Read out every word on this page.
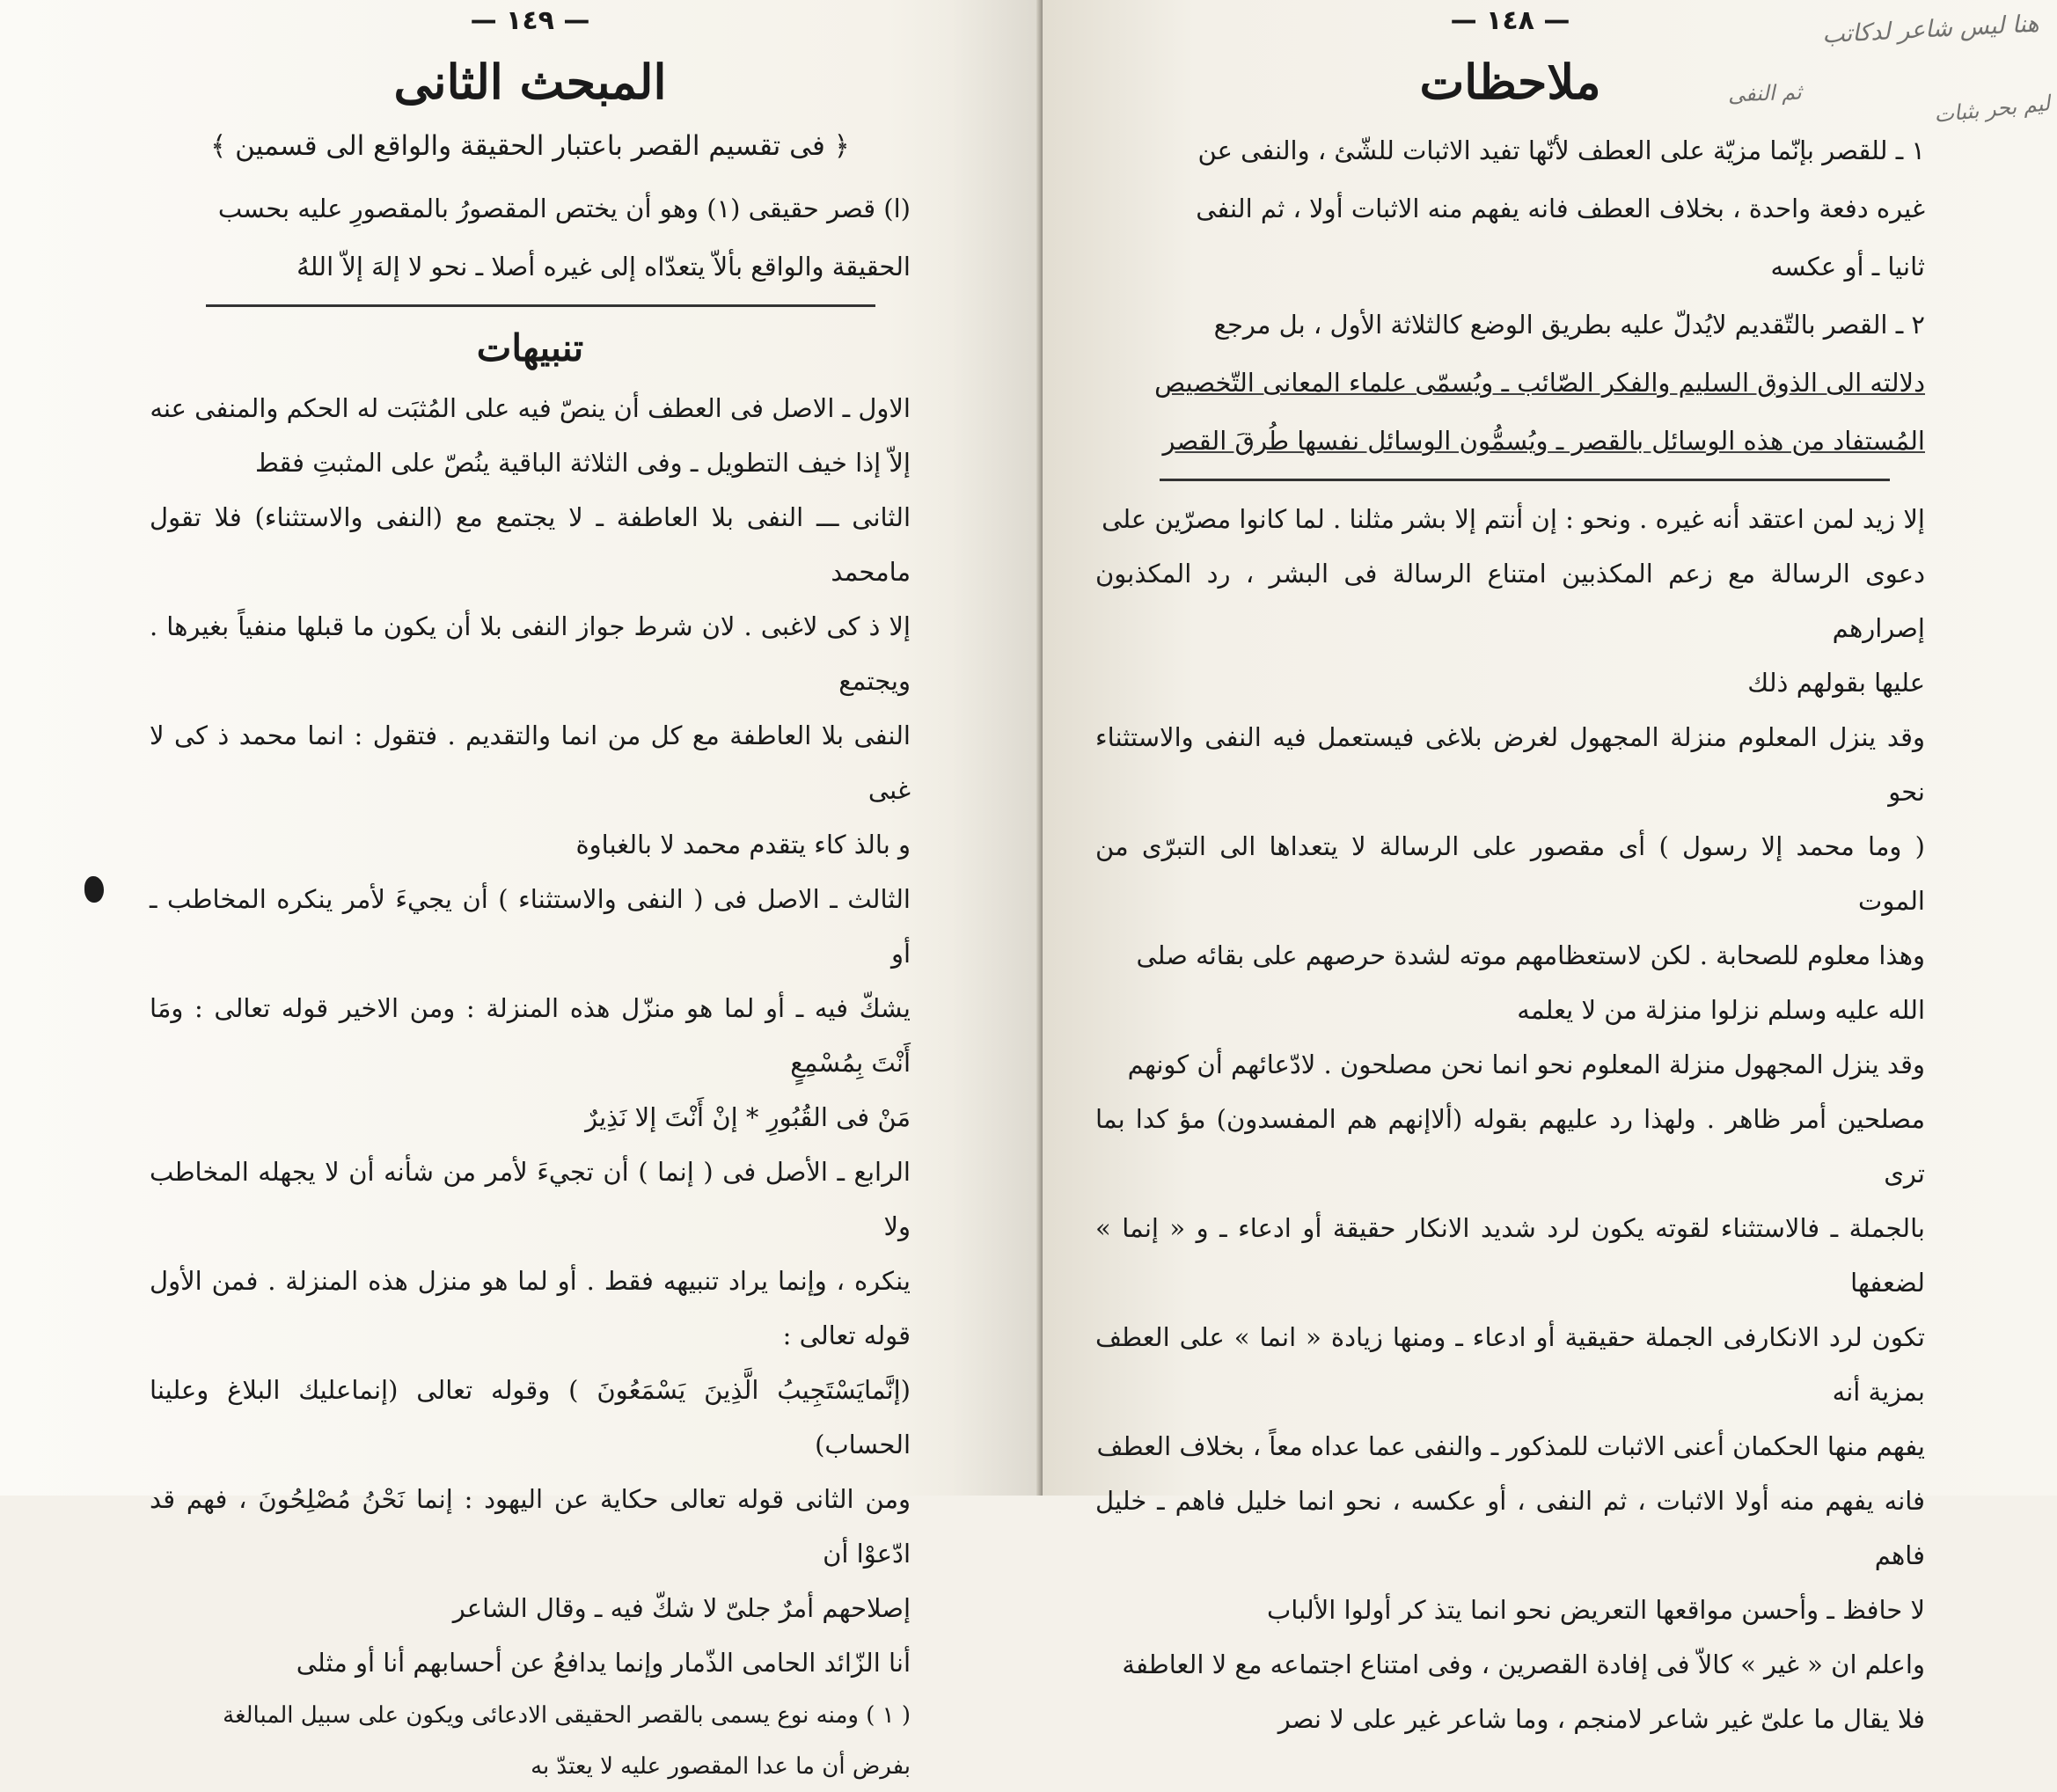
— ١٤٩ —
المبحث الثانى
﴿ فى تقسيم القصر باعتبار الحقيقة والواقع الى قسمين ﴾

(ا) قصر حقيقى (١) وهو أن يختص المقصورُ بالمقصورِ عليه بحسب

الحقيقة والواقع بألاّ يتعدّاه إلى غيره أصلا ـ نحو لا إلهَ إلاّ اللهُ

تنبيهات

الاول ـ الاصل فى العطف أن ينصّ فيه على المُثبَت له الحكم والمنفى عنه

إلاّ إذا خيف التطويل ـ وفى الثلاثة الباقية ينُصّ على المثبتِ فقط

الثانى ـــ النفى بلا العاطفة ـ لا يجتمع مع (النفى والاستثناء) فلا تقول مامحمد

إلا ذ كى لاغبى . لان شرط جواز النفى بلا أن يكون ما قبلها منفياً بغيرها . ويجتمع

النفى بلا العاطفة مع كل من انما والتقديم . فتقول : انما محمد ذ كى لا غبى

و بالذ كاء يتقدم محمد لا بالغباوة

الثالث ـ الاصل فى ( النفى والاستثناء ) أن يجيءَ لأمر ينكره المخاطب ـ أو

يشكّ فيه ـ أو لما هو منزّل هذه المنزلة : ومن الاخير قوله تعالى : ومَا أَنْتَ بِمُسْمِعٍ

مَنْ فى القُبُورِ * إنْ أَنْتَ إلا نَذِيرٌ

الرابع ـ الأصل فى ( إنما ) أن تجيءَ لأمر من شأنه أن لا يجهله المخاطب ولا

ينكره ، وإنما يراد تنبيهه فقط . أو لما هو منزل هذه المنزلة . فمن الأول قوله تعالى :

(إنَّمايَسْتَجِيبُ الَّذِينَ يَسْمَعُونَ ) وقوله تعالى (إنماعليك البلاغ وعلينا الحساب)

ومن الثانى قوله تعالى حكاية عن اليهود : إنما نَحْنُ مُصْلِحُونَ ، فهم قد ادّعوْا أن

إصلاحهم أمرٌ جلىّ لا شكّ فيه ـ وقال الشاعر

أنا الزّائد الحامى الذّمار وإنما يدافعُ عن أحسابهم أنا أو مثلى

( ١ ) ومنه نوع يسمى بالقصر الحقيقى الادعائى ويكون على سبيل المبالغة

بفرض أن ما عدا المقصور عليه لا يعتدّ به

— ١٤٨ —
ملاحظات

١ ـ للقصر بإنّما مزيّة على العطف لأنّها تفيد الاثبات للشّئ ، والنفى عن

غيره دفعة واحدة ، بخلاف العطف فانه يفهم منه الاثبات أولا ، ثم النفى

ثانيا ـ أو عكسه

٢ ـ القصر بالتّقديم لايُدلّ عليه بطريق الوضع كالثلاثة الأول ، بل مرجع

دلالته الى الذوق السليم والفكر الصّائب ـ ويُسمّى علماء المعانى التّخصيص

المُستفاد من هذه الوسائل بالقصر ـ ويُسمُّون الوسائل نفسها طُرقَ القصر

إلا زيد لمن اعتقد أنه غيره . ونحو : إن أنتم إلا بشر مثلنا . لما كانوا مصرّين على

دعوى الرسالة مع زعم المكذبين امتناع الرسالة فى البشر ، رد المكذبون إصرارهم

عليها بقولهم ذلك

وقد ينزل المعلوم منزلة المجهول لغرض بلاغى فيستعمل فيه النفى والاستثناء نحو

( وما محمد إلا رسول ) أى مقصور على الرسالة لا يتعداها الى التبرّى من الموت

وهذا معلوم للصحابة . لكن لاستعظامهم موته لشدة حرصهم على بقائه صلى

الله عليه وسلم نزلوا منزلة من لا يعلمه

وقد ينزل المجهول منزلة المعلوم نحو انما نحن مصلحون . لادّعائهم أن كونهم

مصلحين أمر ظاهر . ولهذا رد عليهم بقوله (ألاإنهم هم المفسدون) مؤ كدا بما ترى

بالجملة ـ فالاستثناء لقوته يكون لرد شديد الانكار حقيقة أو ادعاء ـ و « إنما » لضعفها

تكون لرد الانكارفى الجملة حقيقية أو ادعاء ـ ومنها زيادة « انما » على العطف بمزية أنه

يفهم منها الحكمان أعنى الاثبات للمذكور ـ والنفى عما عداه معاً ، بخلاف العطف

فانه يفهم منه أولا الاثبات ، ثم النفى ، أو عكسه ، نحو انما خليل فاهم ـ خليل فاهم

لا حافظ ـ وأحسن مواقعها التعريض نحو انما يتذ كر أولوا الألباب

واعلم ان « غير » كالاّ فى إفادة القصرين ، وفى امتناع اجتماعه مع لا العاطفة

فلا يقال ما علىّ غير شاعر لامنجم ، وما شاعر غير على لا نصر

هنا ليس شاعر لدكاتب
ليم بحر بثبات
ثم النفى
